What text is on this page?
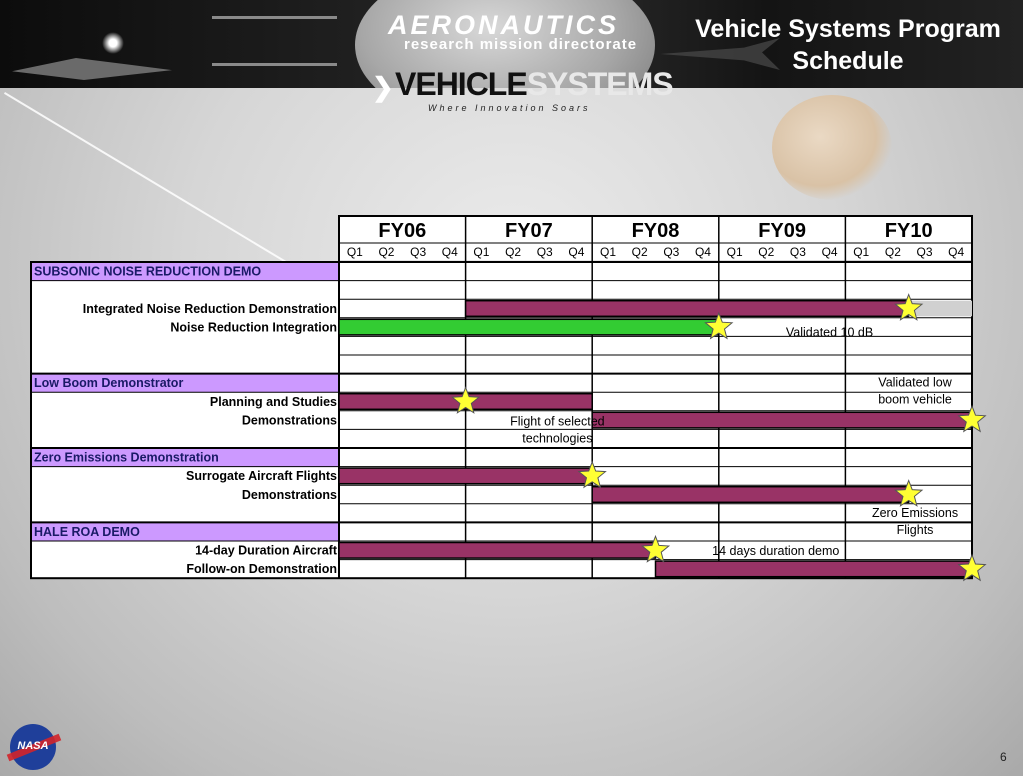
AERONAUTICS
research mission directorate
Vehicle Systems Program
Schedule
❯ VEHICLESYSTEMS
Where Innovation Soars
FY06
Q1 Q2 Q3 Q4
FY07
Q1 Q2 Q3 Q4
FY08
Q1 Q2 Q3 Q4
FY09
Q1 Q2 Q3 Q4
FY10
Q1 Q2 Q3 Q4
SUBSONIC NOISE REDUCTION DEMO
Integrated Noise Reduction Demonstration
Noise Reduction Integration
Low Boom Demonstrator
Planning and Studies
Demonstrations
Zero Emissions Demonstration
Surrogate Aircraft Flights
Demonstrations
HALE ROA DEMO
14-day Duration Aircraft
Follow-on Demonstration
Validated 10 dB
Validated low
boom vehicle
Flight of selected
technologies
Zero Emissions
Flights
14 days duration demo
NASA
6
